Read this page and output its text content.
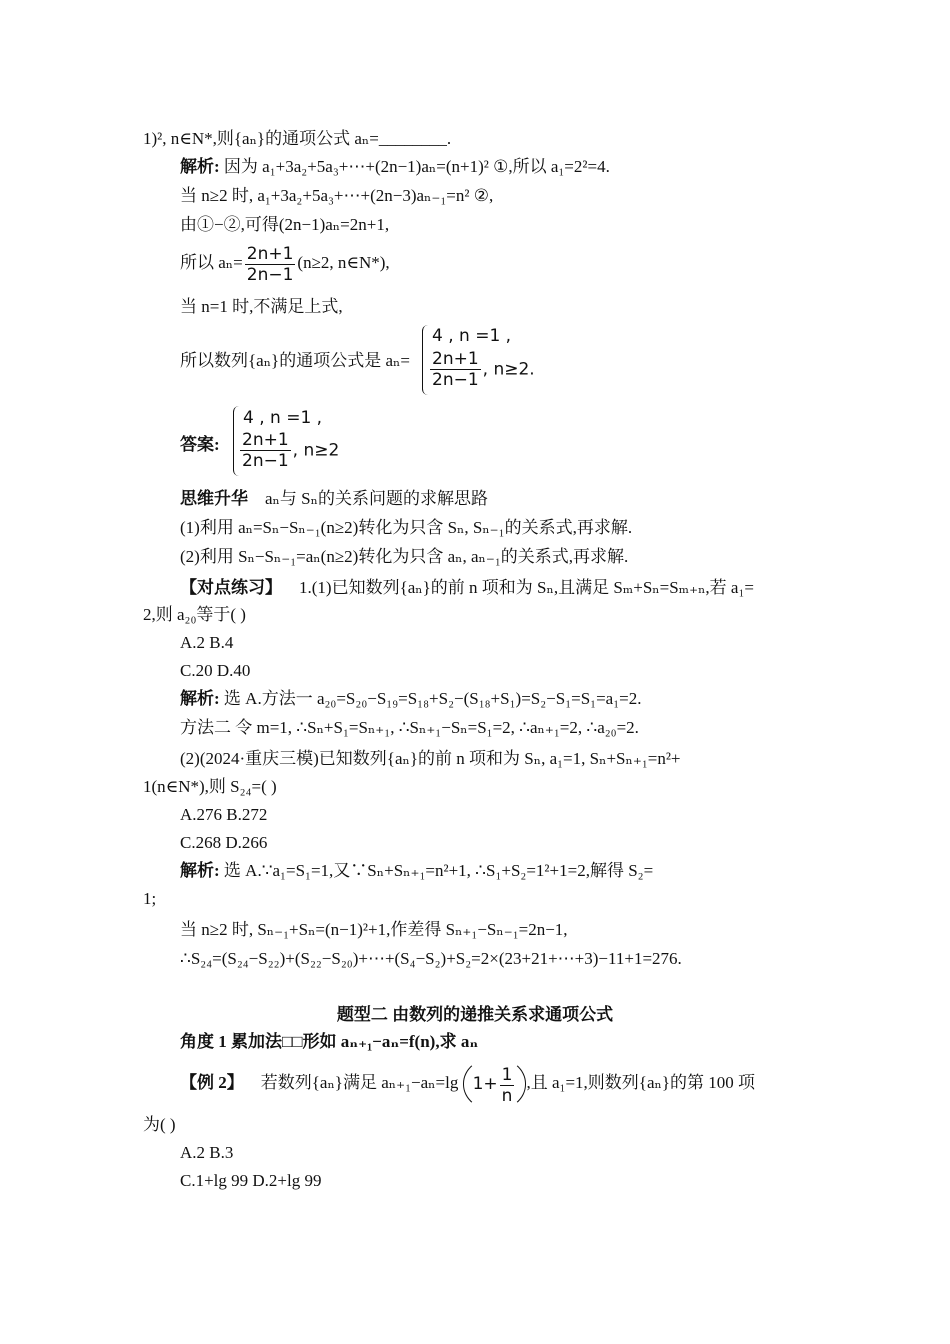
1)², n∈N*,则{aₙ}的通项公式 aₙ=________.
解析: 因为 a₁+3a₂+5a₃+⋯+(2n−1)aₙ=(n+1)² ①,所以 a₁=2²=4.
当 n≥2 时, a₁+3a₂+5a₃+⋯+(2n−3)aₙ₋₁=n² ②,
由①−②,可得(2n−1)aₙ=2n+1,
所以 $a_n= \frac{2n+1}{2n-1} (n\ge 2$, n∈N*),
当 n=1 时,不满足上式,
所以数列{aₙ}的通项公式是 aₙ=
4 , n =1 ,
$\frac{2n+1}{2n-1}$ , n≥2.
答案:
4 , n =1 ,
$\frac{2n+1}{2n-1}$ , n≥2
思维升华 aₙ与 Sₙ的关系问题的求解思路
(1)利用 aₙ=Sₙ−Sₙ₋₁(n≥2)转化为只含 Sₙ, Sₙ₋₁的关系式,再求解.
(2)利用 Sₙ−Sₙ₋₁=aₙ(n≥2)转化为只含 aₙ, aₙ₋₁的关系式,再求解.
【对点练习】 1.(1)已知数列{aₙ}的前 n 项和为 Sₙ,且满足 Sₘ+Sₙ=Sₘ₊ₙ,若 a₁=
2,则 a₂₀等于( )
A.2 B.4
C.20 D.40
解析: 选 A.方法一 a₂₀=S₂₀−S₁₉=S₁₈+S₂−(S₁₈+S₁)=S₂−S₁=S₁=a₁=2.
方法二 令 m=1, ∴Sₙ+S₁=Sₙ₊₁, ∴Sₙ₊₁−Sₙ=S₁=2, ∴aₙ₊₁=2, ∴a₂₀=2.
(2)(2024·重庆三模)已知数列{aₙ}的前 n 项和为 Sₙ, a₁=1, Sₙ+Sₙ₊₁=n²+
1(n∈N*),则 S₂₄=( )
A.276 B.272
C.268 D.266
解析: 选 A.∵a₁=S₁=1,又∵Sₙ+Sₙ₊₁=n²+1, ∴S₁+S₂=1²+1=2,解得 S₂=
1;
当 n≥2 时, Sₙ₋₁+Sₙ=(n−1)²+1,作差得 Sₙ₊₁−Sₙ₋₁=2n−1,
∴S₂₄=(S₂₄−S₂₂)+(S₂₂−S₂₀)+⋯+(S₄−S₂)+S₂=2×(23+21+⋯+3)−11+1=276.
题型二 由数列的递推关系求通项公式
角度 1 累加法□□形如 aₙ₊₁−aₙ=f(n),求 aₙ
【例 2】 若数列{aₙ}满足 aₙ₊₁−aₙ=lg $1+ \frac{1}{n}$ ,且 a₁=1,则数列{aₙ}的第 100 项
为( )
A.2 B.3
C.1+lg 99 D.2+lg 99
